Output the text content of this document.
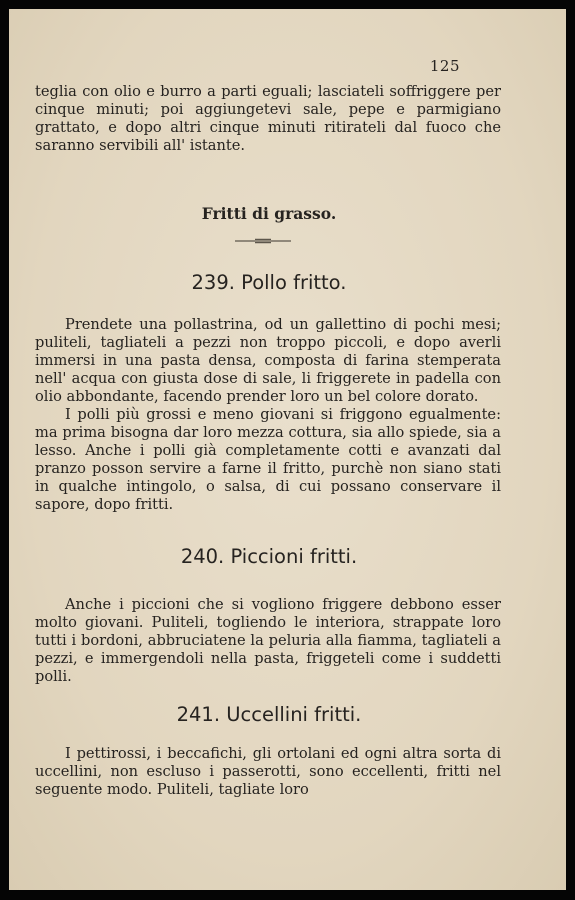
125

teglia con olio e burro a parti eguali; lasciateli soffriggere per cinque minuti; poi aggiungetevi sale, pepe e parmigiano grattato, e dopo altri cinque minuti ritirateli dal fuoco che saranno servibili all' istante.

Fritti di grasso.
239. Pollo fritto.

Prendete una pollastrina, od un gallettino di pochi mesi; puliteli, tagliateli a pezzi non troppo piccoli, e dopo averli immersi in una pasta densa, composta di farina stemperata nell' acqua con giusta dose di sale, li friggerete in padella con olio abbondante, facendo prender loro un bel colore dorato.

I polli più grossi e meno giovani si friggono egualmente: ma prima bisogna dar loro mezza cottura, sia allo spiede, sia a lesso. Anche i polli già completamente cotti e avanzati dal pranzo posson servire a farne il fritto, purchè non siano stati in qualche intingolo, o salsa, di cui possano conservare il sapore, dopo fritti.

240. Piccioni fritti.

Anche i piccioni che si vogliono friggere debbono esser molto giovani. Puliteli, togliendo le interiora, strappate loro tutti i bordoni, abbruciatene la peluria alla fiamma, tagliateli a pezzi, e immergendoli nella pasta, friggeteli come i suddetti polli.

241. Uccellini fritti.

I pettirossi, i beccafichi, gli ortolani ed ogni altra sorta di uccellini, non escluso i passerotti, sono eccellenti, fritti nel seguente modo. Puliteli, tagliate loro
